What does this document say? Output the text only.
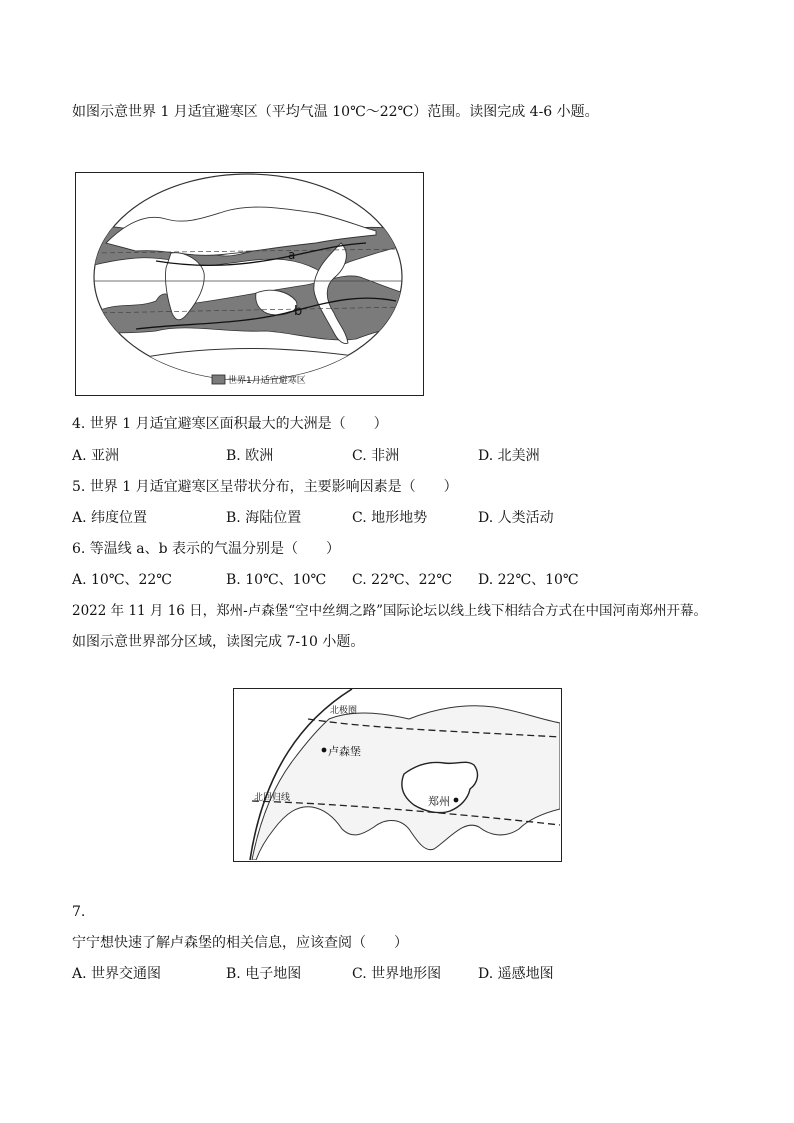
如图示意世界 1 月适宜避寒区（平均气温 10℃～22℃）范围。读图完成 4-6 小题。
a
b
世界1月适宜避寒区
4. 世界 1 月适宜避寒区面积最大的大洲是（　　）
A. 亚洲	B. 欧洲	C. 非洲	D. 北美洲
5. 世界 1 月适宜避寒区呈带状分布，主要影响因素是（　　）
A. 纬度位置	B. 海陆位置	C. 地形地势	D. 人类活动
6. 等温线 a、b 表示的气温分别是（　　）
A. 10℃、22℃	B. 10℃、10℃ C. 22℃、22℃ D. 22℃、10℃
2022 年 11 月 16 日，郑州-卢森堡“空中丝绸之路”国际论坛以线上线下相结合方式在中国河南郑州开幕。
如图示意世界部分区域，读图完成 7-10 小题。
北极圈
北回归线
卢森堡
郑州
7.
宁宁想快速了解卢森堡的相关信息，应该查阅（　　）
A. 世界交通图	B. 电子地图	C. 世界地形图	D. 遥感地图
